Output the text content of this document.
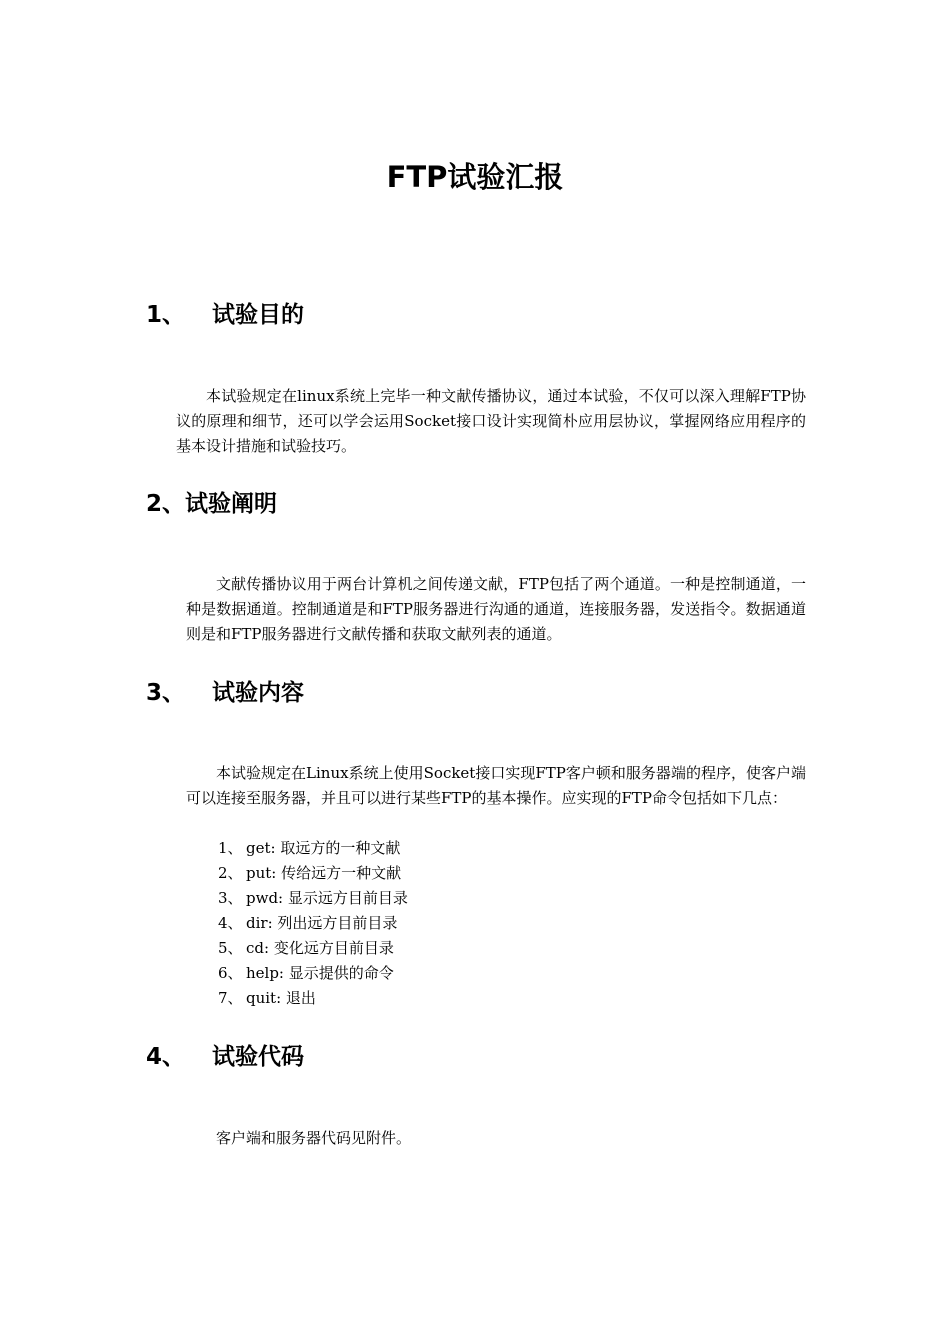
FTP试验汇报
1、 试验目的

本试验规定在linux系统上完毕一种文献传播协议，通过本试验，不仅可以深入理解FTP协议的原理和细节，还可以学会运用Socket接口设计实现简朴应用层协议，掌握网络应用程序的基本设计措施和试验技巧。

2、试验阐明

文献传播协议用于两台计算机之间传递文献，FTP包括了两个通道。一种是控制通道，一种是数据通道。控制通道是和FTP服务器进行沟通的通道，连接服务器，发送指令。数据通道则是和FTP服务器进行文献传播和获取文献列表的通道。

3、 试验内容

本试验规定在Linux系统上使用Socket接口实现FTP客户顿和服务器端的程序，使客户端可以连接至服务器，并且可以进行某些FTP的基本操作。应实现的FTP命令包括如下几点：

1、 get: 取远方的一种文献
2、 put: 传给远方一种文献
3、 pwd: 显示远方目前目录
4、 dir: 列出远方目前目录
5、 cd: 变化远方目前目录
6、 help: 显示提供的命令
7、 quit: 退出
4、 试验代码

客户端和服务器代码见附件。
